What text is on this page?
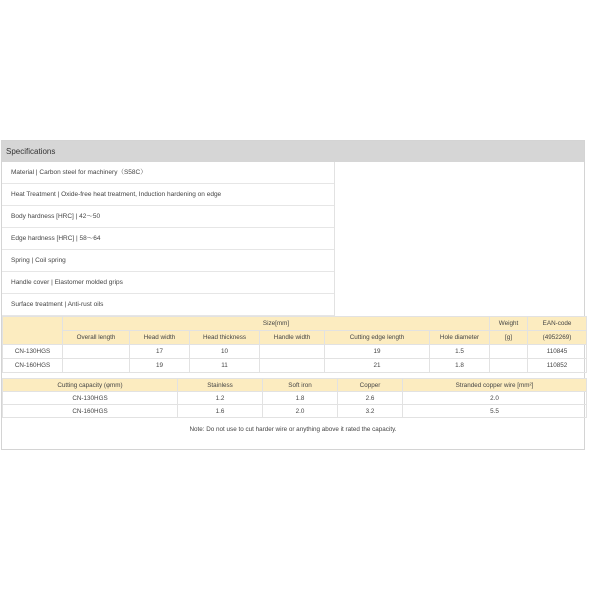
Specifications
Material | Carbon steel for machinery（S58C）
Heat Treatment | Oxide-free heat treatment, Induction hardening on edge
Body hardness [HRC] | 42～50
Edge hardness [HRC] | 58～64
Spring | Coil spring
Handle cover | Elastomer molded grips
Surface treatment | Anti-rust oils
	Size[mm]						Weight	EAN-code
	Overall length	Head width	Head thickness	Handle width	Cutting edge length	Hole diameter	[g]	(4952269)
CN-130HGS		17	10		19	1.5		110845
CN-160HGS		19	11		21	1.8		110852
Cutting capacity (φmm)	Stainless	Soft iron	Copper	Stranded copper wire [mm²]
CN-130HGS	1.2	1.8	2.6	2.0
CN-160HGS	1.6	2.0	3.2	5.5
Note: Do not use to cut harder wire or anything above it rated the capacity.
